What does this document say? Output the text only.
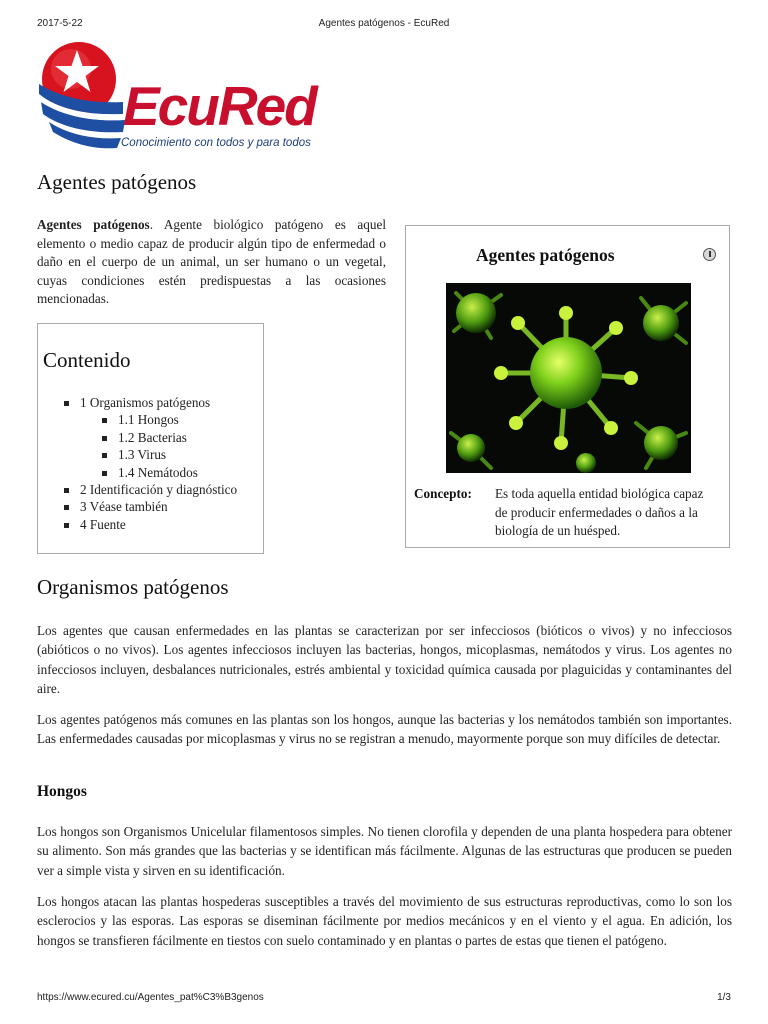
2017-5-22	Agentes patógenos - EcuRed
EcuRed
Conocimiento con todos y para todos
Agentes patógenos

Agentes patógenos. Agente biológico patógeno es aquel elemento o medio capaz de producir algún tipo de enfermedad o daño en el cuerpo de un animal, un ser humano o un vegetal, cuyas condiciones estén predispuestas a las ocasiones mencionadas.

Contenido
1 Organismos patógenos
1.1 Hongos
1.2 Bacterias
1.3 Virus
1.4 Nemátodos
2 Identificación y diagnóstico
3 Véase también
4 Fuente
Agentes patógenos
Concepto: Es toda aquella entidad biológica capaz de producir enfermedades o daños a la biología de un huésped.
Organismos patógenos

Los agentes que causan enfermedades en las plantas se caracterizan por ser infecciosos (bióticos o vivos) y no infecciosos (abióticos o no vivos). Los agentes infecciosos incluyen las bacterias, hongos, micoplasmas, nemátodos y virus. Los agentes no infecciosos incluyen, desbalances nutricionales, estrés ambiental y toxicidad química causada por plaguicidas y contaminantes del aire.

Los agentes patógenos más comunes en las plantas son los hongos, aunque las bacterias y los nemátodos también son importantes. Las enfermedades causadas por micoplasmas y virus no se registran a menudo, mayormente porque son muy difíciles de detectar.

Hongos

Los hongos son Organismos Unicelular filamentosos simples. No tienen clorofila y dependen de una planta hospedera para obtener su alimento. Son más grandes que las bacterias y se identifican más fácilmente. Algunas de las estructuras que producen se pueden ver a simple vista y sirven en su identificación.

Los hongos atacan las plantas hospederas susceptibles a través del movimiento de sus estructuras reproductivas, como lo son los esclerocios y las esporas. Las esporas se diseminan fácilmente por medios mecánicos y en el viento y el agua. En adición, los hongos se transfieren fácilmente en tiestos con suelo contaminado y en plantas o partes de estas que tienen el patógeno.

https://www.ecured.cu/Agentes_pat%C3%B3genos	1/3
